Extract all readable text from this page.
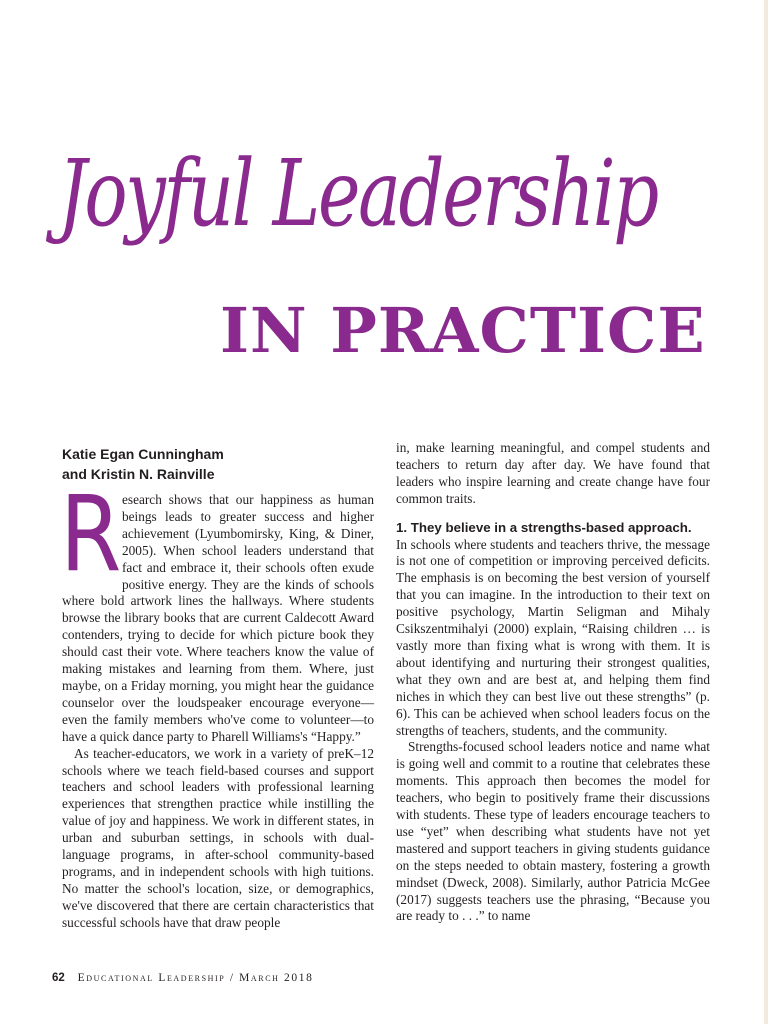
Joyful Leadership
IN PRACTICE
Katie Egan Cunningham
and Kristin N. Rainville

Research shows that our happiness as human beings leads to greater success and higher achievement (Lyumbomirsky, King, & Diner, 2005). When school leaders understand that fact and embrace it, their schools often exude positive energy. They are the kinds of schools where bold artwork lines the hallways. Where students browse the library books that are current Caldecott Award contenders, trying to decide for which picture book they should cast their vote. Where teachers know the value of making mistakes and learning from them. Where, just maybe, on a Friday morning, you might hear the guidance counselor over the loudspeaker encourage everyone—even the family members who've come to volunteer—to have a quick dance party to Pharell Williams's “Happy.”

As teacher-educators, we work in a variety of preK–12 schools where we teach field-based courses and support teachers and school leaders with professional learning experiences that strengthen practice while instilling the value of joy and happiness. We work in different states, in urban and suburban settings, in schools with dual-language programs, in after-school community-based programs, and in independent schools with high tuitions. No matter the school's location, size, or demographics, we've discovered that there are certain characteristics that successful schools have that draw people

in, make learning meaningful, and compel students and teachers to return day after day. We have found that leaders who inspire learning and create change have four common traits.

1. They believe in a strengths-based approach.

In schools where students and teachers thrive, the message is not one of competition or improving perceived deficits. The emphasis is on becoming the best version of yourself that you can imagine. In the introduction to their text on positive psychology, Martin Seligman and Mihaly Csikszentmihalyi (2000) explain, “Raising children … is vastly more than fixing what is wrong with them. It is about identifying and nurturing their strongest qualities, what they own and are best at, and helping them find niches in which they can best live out these strengths” (p. 6). This can be achieved when school leaders focus on the strengths of teachers, students, and the community.

Strengths-focused school leaders notice and name what is going well and commit to a routine that celebrates these moments. This approach then becomes the model for teachers, who begin to positively frame their discussions with students. These type of leaders encourage teachers to use “yet” when describing what students have not yet mastered and support teachers in giving students guidance on the steps needed to obtain mastery, fostering a growth mindset (Dweck, 2008). Similarly, author Patricia McGee (2017) suggests teachers use the phrasing, “Because you are ready to . . .” to name

62 Educational Leadership / March 2018
